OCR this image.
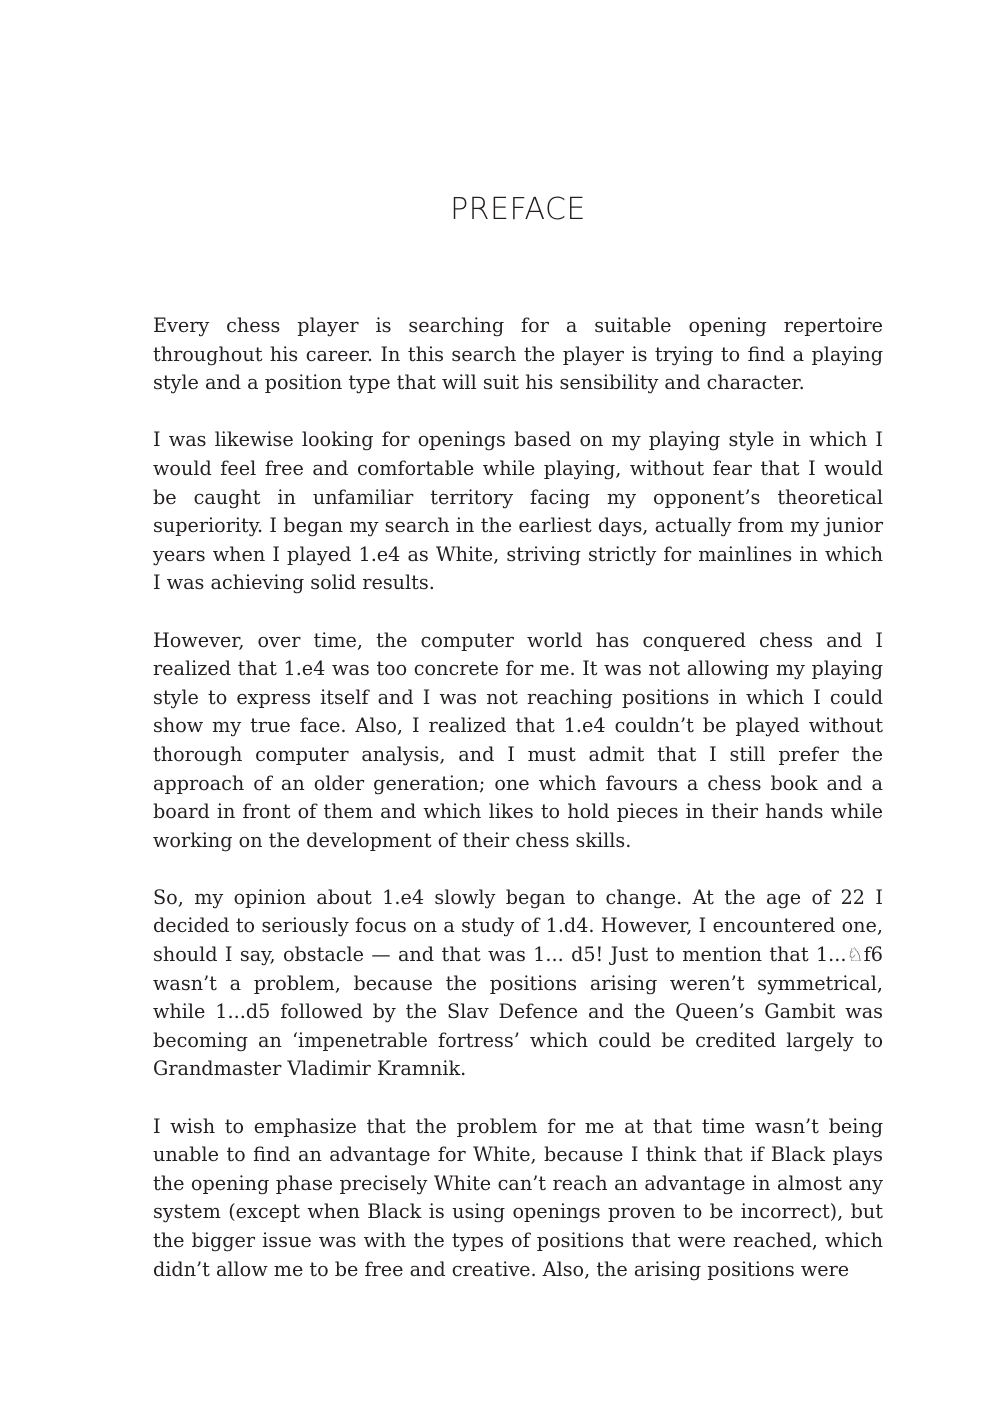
PREFACE

Every chess player is searching for a suitable opening repertoire throughout his career. In this search the player is trying to find a playing style and a position type that will suit his sensibility and character.

I was likewise looking for openings based on my playing style in which I would feel free and comfortable while playing, without fear that I would be caught in unfamiliar territory facing my opponent’s theoretical superiority. I began my search in the earliest days, actually from my junior years when I played 1.e4 as White, striving strictly for mainlines in which I was achieving solid results.

However, over time, the computer world has conquered chess and I realized that 1.e4 was too concrete for me. It was not allowing my playing style to express itself and I was not reaching positions in which I could show my true face. Also, I realized that 1.e4 couldn’t be played without thorough computer analysis, and I must admit that I still prefer the approach of an older generation; one which favours a chess book and a board in front of them and which likes to hold pieces in their hands while working on the development of their chess skills.

So, my opinion about 1.e4 slowly began to change. At the age of 22 I decided to seriously focus on a study of 1.d4. However, I encountered one, should I say, obstacle — and that was 1... d5! Just to mention that 1...♘f6 wasn’t a problem, because the positions arising weren’t symmetrical, while 1...d5 followed by the Slav Defence and the Queen’s Gambit was becoming an ‘impenetrable fortress’ which could be credited largely to Grandmaster Vladimir Kramnik.

I wish to emphasize that the problem for me at that time wasn’t being unable to find an advantage for White, because I think that if Black plays the opening phase precisely White can’t reach an advantage in almost any system (except when Black is using openings proven to be incorrect), but the bigger issue was with the types of positions that were reached, which didn’t allow me to be free and creative. Also, the arising positions were
